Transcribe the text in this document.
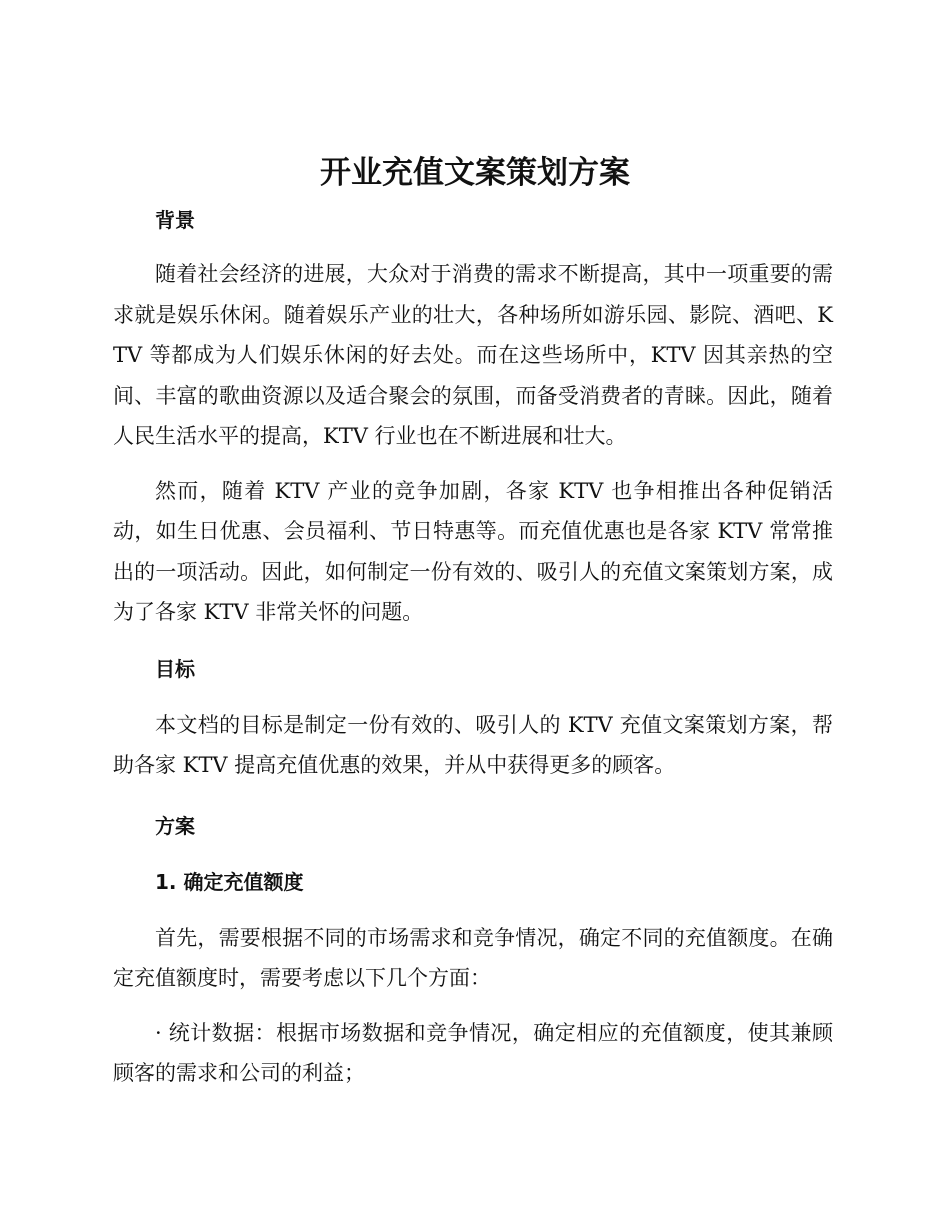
开业充值文案策划方案
背景

随着社会经济的进展，大众对于消费的需求不断提高，其中一项重要的需求就是娱乐休闲。随着娱乐产业的壮大，各种场所如游乐园、影院、酒吧、KTV 等都成为人们娱乐休闲的好去处。而在这些场所中，KTV 因其亲热的空间、丰富的歌曲资源以及适合聚会的氛围，而备受消费者的青睐。因此，随着人民生活水平的提高，KTV 行业也在不断进展和壮大。

然而，随着 KTV 产业的竞争加剧，各家 KTV 也争相推出各种促销活动，如生日优惠、会员福利、节日特惠等。而充值优惠也是各家 KTV 常常推出的一项活动。因此，如何制定一份有效的、吸引人的充值文案策划方案，成为了各家 KTV 非常关怀的问题。

目标

本文档的目标是制定一份有效的、吸引人的 KTV 充值文案策划方案，帮助各家 KTV 提高充值优惠的效果，并从中获得更多的顾客。

方案
1. 确定充值额度

首先，需要根据不同的市场需求和竞争情况，确定不同的充值额度。在确定充值额度时，需要考虑以下几个方面：

· 统计数据：根据市场数据和竞争情况，确定相应的充值额度，使其兼顾顾客的需求和公司的利益；
